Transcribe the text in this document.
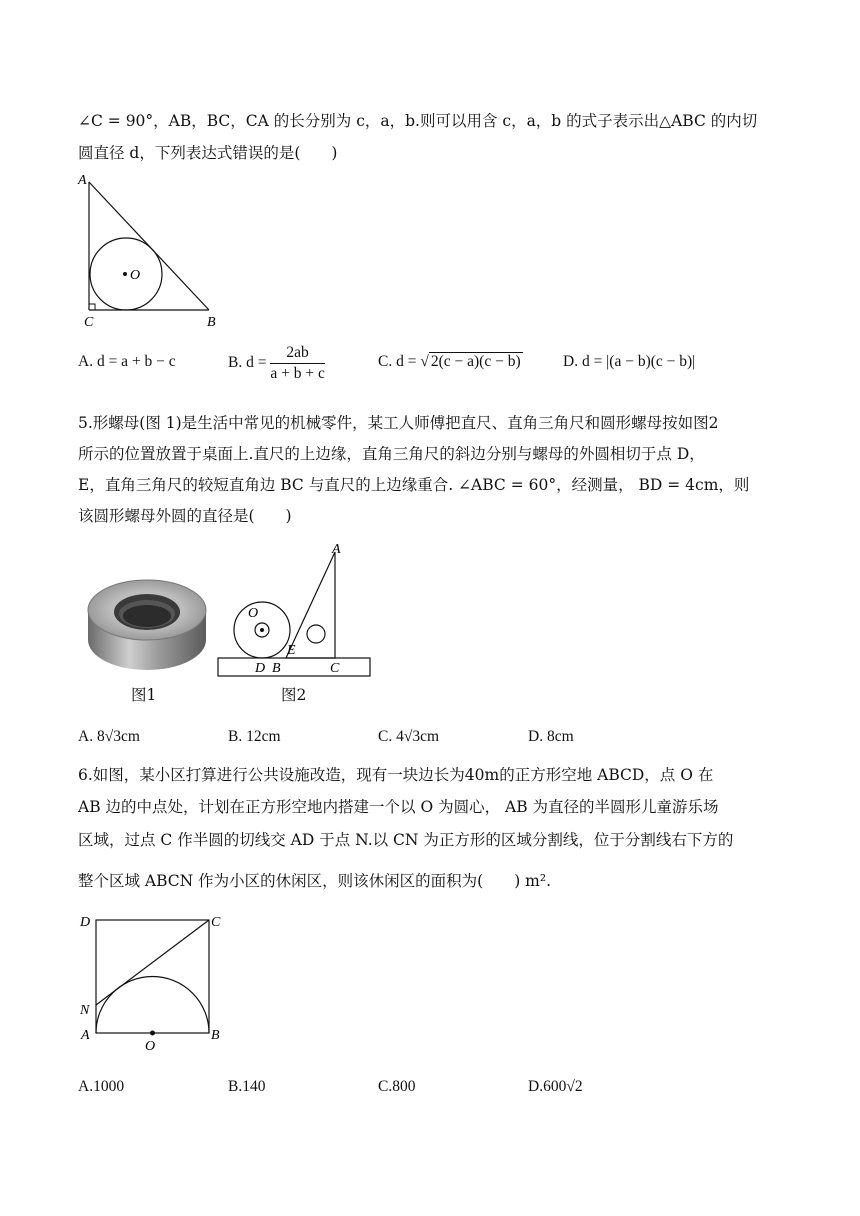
∠C = 90°，AB，BC，CA 的长分别为 c，a，b.则可以用含 c，a，b 的式子表示出△ABC 的内切
圆直径 d，下列表达式错误的是(　　)
A
O
C	B
A. d = a + b − c	B. $d = \frac{2ab}{a + b + c}$	C. d = √ 2(c − a)(c − b)	D. d = |(a − b)(c − b)|
5.形螺母(图 1)是生活中常见的机械零件，某工人师傅把直尺、直角三角尺和圆形螺母按如图2
所示的位置放置于桌面上.直尺的上边缘，直角三角尺的斜边分别与螺母的外圆相切于点 D，
E，直角三角尺的较短直角边 BC 与直尺的上边缘重合. ∠ABC = 60°，经测量， BD = 4cm，则
该圆形螺母外圆的直径是(　　)
图1
A
O
E
D B	C
图2
A. 8√3cm	B. 12cm	C. 4√3cm	D. 8cm
6.如图，某小区打算进行公共设施改造，现有一块边长为40m的正方形空地 ABCD，点 O 在
AB 边的中点处，计划在正方形空地内搭建一个以 O 为圆心， AB 为直径的半圆形儿童游乐场
区域，过点 C 作半圆的切线交 AD 于点 N.以 CN 为正方形的区域分割线，位于分割线右下方的
整个区域 ABCN 作为小区的休闲区，则该休闲区的面积为(　　) m².
D	C
N
A
O
B
A.1000	B.140	C.800	D.600√2
